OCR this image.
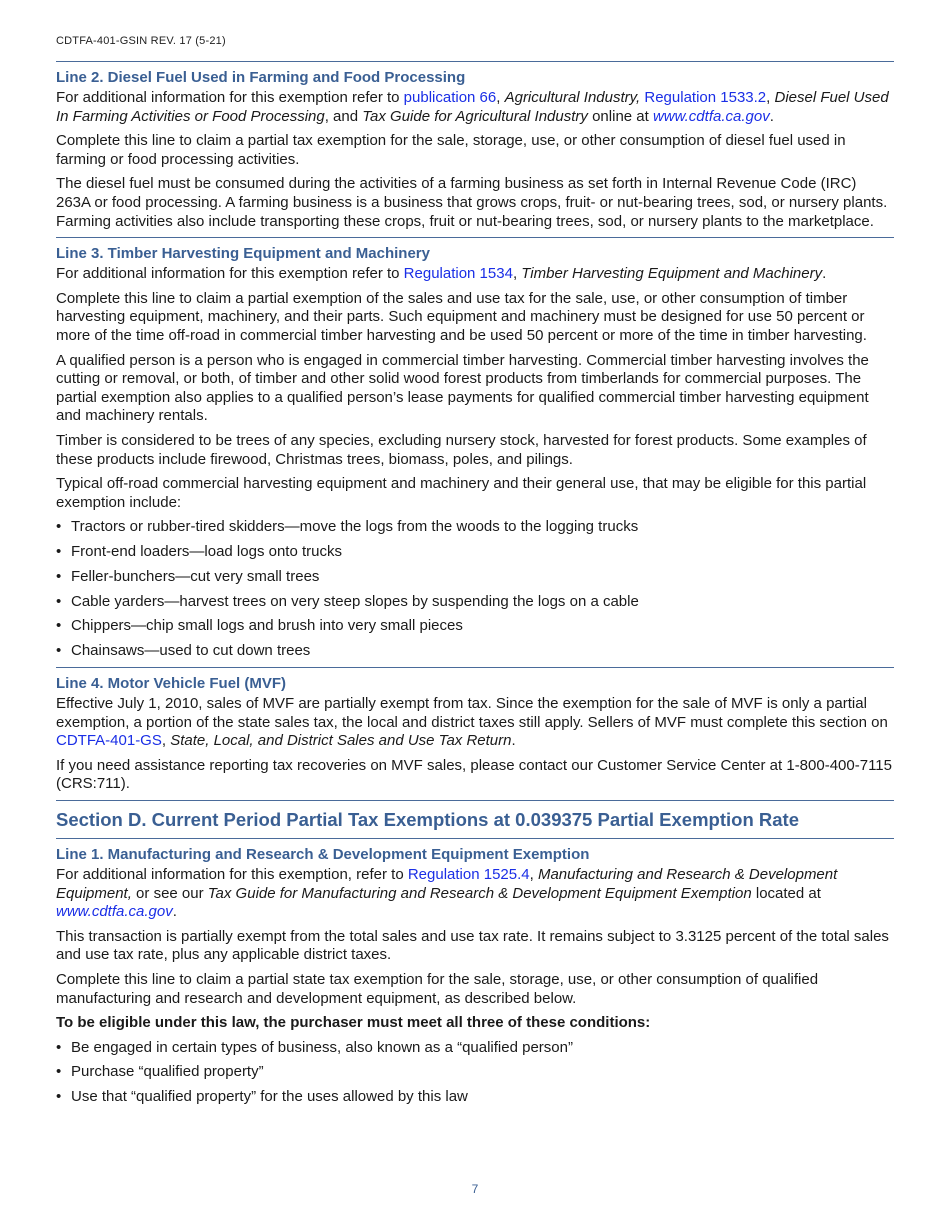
CDTFA-401-GSIN REV. 17 (5-21)
Line 2. Diesel Fuel Used in Farming and Food Processing

For additional information for this exemption refer to publication 66, Agricultural Industry, Regulation 1533.2, Diesel Fuel Used In Farming Activities or Food Processing, and Tax Guide for Agricultural Industry online at www.cdtfa.ca.gov.

Complete this line to claim a partial tax exemption for the sale, storage, use, or other consumption of diesel fuel used in farming or food processing activities.

The diesel fuel must be consumed during the activities of a farming business as set forth in Internal Revenue Code (IRC) 263A or food processing. A farming business is a business that grows crops, fruit- or nut-bearing trees, sod, or nursery plants. Farming activities also include transporting these crops, fruit or nut-bearing trees, sod, or nursery plants to the marketplace.

Line 3. Timber Harvesting Equipment and Machinery

For additional information for this exemption refer to Regulation 1534, Timber Harvesting Equipment and Machinery.

Complete this line to claim a partial exemption of the sales and use tax for the sale, use, or other consumption of timber harvesting equipment, machinery, and their parts. Such equipment and machinery must be designed for use 50 percent or more of the time off-road in commercial timber harvesting and be used 50 percent or more of the time in timber harvesting.

A qualified person is a person who is engaged in commercial timber harvesting. Commercial timber harvesting involves the cutting or removal, or both, of timber and other solid wood forest products from timberlands for commercial purposes. The partial exemption also applies to a qualified person’s lease payments for qualified commercial timber harvesting equipment and machinery rentals.

Timber is considered to be trees of any species, excluding nursery stock, harvested for forest products. Some examples of these products include firewood, Christmas trees, biomass, poles, and pilings.

Typical off-road commercial harvesting equipment and machinery and their general use, that may be eligible for this partial exemption include:

• Tractors or rubber-tired skidders—move the logs from the woods to the logging trucks
• Front-end loaders—load logs onto trucks
• Feller-bunchers—cut very small trees
• Cable yarders—harvest trees on very steep slopes by suspending the logs on a cable
• Chippers—chip small logs and brush into very small pieces
• Chainsaws—used to cut down trees
Line 4. Motor Vehicle Fuel (MVF)

Effective July 1, 2010, sales of MVF are partially exempt from tax. Since the exemption for the sale of MVF is only a partial exemption, a portion of the state sales tax, the local and district taxes still apply. Sellers of MVF must complete this section on CDTFA-401-GS, State, Local, and District Sales and Use Tax Return.

If you need assistance reporting tax recoveries on MVF sales, please contact our Customer Service Center at 1-800-400-7115 (CRS:711).

Section D. Current Period Partial Tax Exemptions at 0.039375 Partial Exemption Rate
Line 1. Manufacturing and Research & Development Equipment Exemption

For additional information for this exemption, refer to Regulation 1525.4, Manufacturing and Research & Development Equipment, or see our Tax Guide for Manufacturing and Research & Development Equipment Exemption located at www.cdtfa.ca.gov.

This transaction is partially exempt from the total sales and use tax rate. It remains subject to 3.3125 percent of the total sales and use tax rate, plus any applicable district taxes.

Complete this line to claim a partial state tax exemption for the sale, storage, use, or other consumption of qualified manufacturing and research and development equipment, as described below.

To be eligible under this law, the purchaser must meet all three of these conditions:

• Be engaged in certain types of business, also known as a “qualified person”
• Purchase “qualified property”
• Use that “qualified property” for the uses allowed by this law
7
